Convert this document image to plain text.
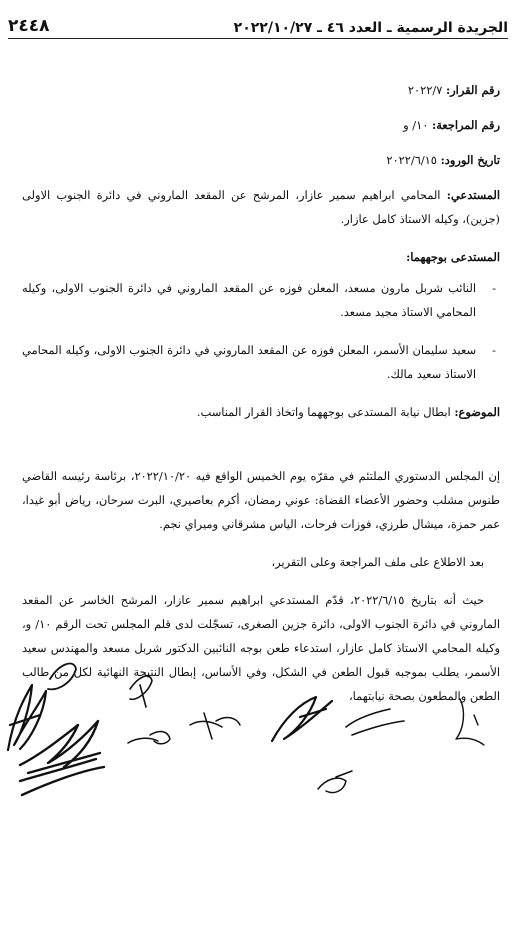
الجريدة الرسمية ـ العدد ٤٦ ـ ٢٠٢٢/١٠/٢٧
٢٤٤٨
رقم القرار: ٢٠٢٢/٧
رقم المراجعة: ١٠/ و
تاريخ الورود: ٢٠٢٢/٦/١٥

المستدعي: المحامي ابراهيم سمير عازار، المرشح عن المقعد الماروني في دائرة الجنوب الاولى (جزين)، وكيله الاستاذ كامل عازار.

المستدعى بوجههما:

-
النائب شربل مارون مسعد، المعلن فوزه عن المقعد الماروني في دائرة الجنوب الاولى، وكيله المحامي الاستاذ مجيد مسعد.
-
سعيد سليمان الأسمر، المعلن فوزه عن المقعد الماروني في دائرة الجنوب الاولى، وكيله المحامي الاستاذ سعيد مالك.

الموضوع: ابطال نيابة المستدعى بوجههما واتخاذ القرار المناسب.

إن المجلس الدستوري الملتئم في مقرّه يوم الخميس الواقع فيه ٢٠٢٢/١٠/٢٠، برئاسة رئيسه القاضي طنوس مشلب وحضور الأعضاء القضاة: عوني رمضان، أكرم بعاصيري، البرت سرحان، رياض أبو غيدا، عمر حمزة، ميشال طرزي، فوزات فرحات، الياس مشرقاني وميراي نجم.

بعد الاطلاع على ملف المراجعة وعلى التقرير،

حيث أنه بتاريخ ٢٠٢٢/٦/١٥، قدّم المستدعي ابراهيم سمير عازار، المرشح الخاسر عن المقعد الماروني في دائرة الجنوب الاولى، دائرة جزين الصغرى، تسجّلت لدى قلم المجلس تحت الرقم ١٠/ و، وكيله المحامي الاستاذ كامل عازار، استدعاء طعن بوجه النائبين الدكتور شربل مسعد والمهندس سعيد الأسمر، يطلب بموجبه قبول الطعن في الشكل، وفي الأساس، إبطال النتيجة النهائية لكل من طالب الطعن والمطعون بصحة نيابتهما،
